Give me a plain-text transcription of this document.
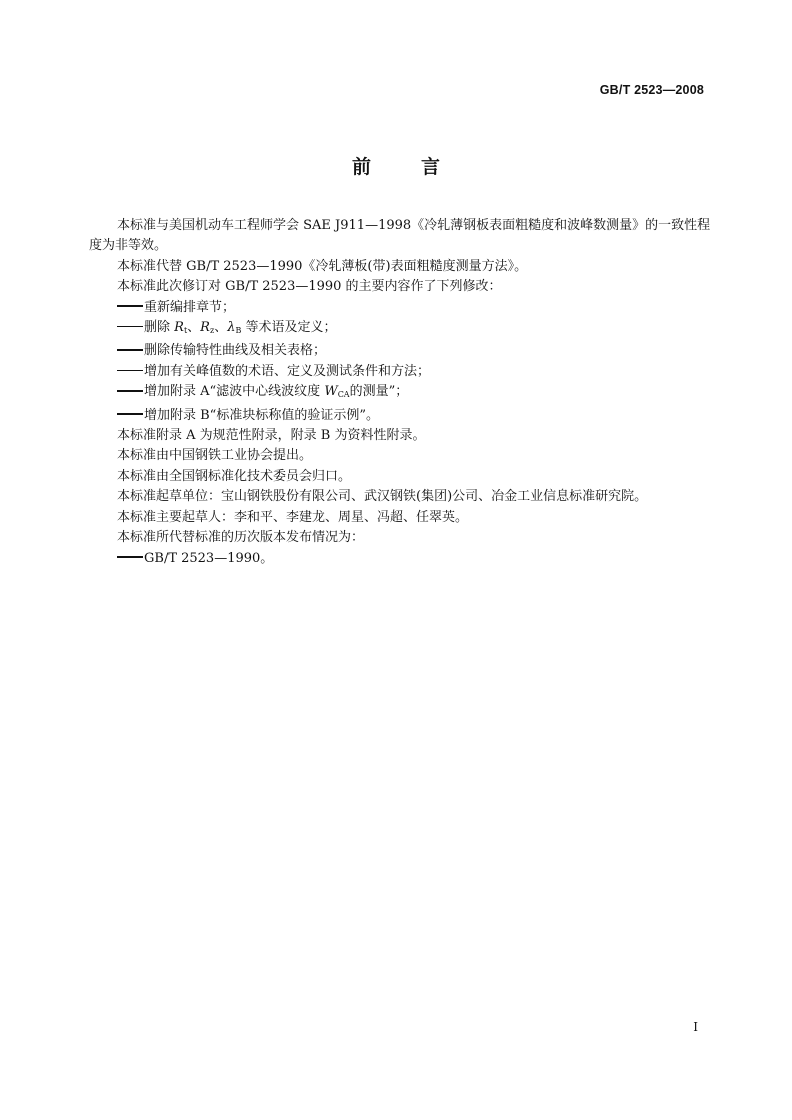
GB/T 2523—2008
前	言

本标准与美国机动车工程师学会 SAE J911—1998《冷轧薄钢板表面粗糙度和波峰数测量》的一致性程度为非等效。

本标准代替 GB/T 2523—1990《冷轧薄板(带)表面粗糙度测量方法》。

本标准此次修订对 GB/T 2523—1990 的主要内容作了下列修改：

重新编排章节；

删除 $R_t$、$R_z$、$\lambda_B$ 等术语及定义；

删除传输特性曲线及相关表格；

增加有关峰值数的术语、定义及测试条件和方法；

增加附录 A“滤波中心线波纹度 $W_{CA}$的测量”；

增加附录 B“标准块标称值的验证示例”。

本标准附录 A 为规范性附录，附录 B 为资料性附录。

本标准由中国钢铁工业协会提出。

本标准由全国钢标准化技术委员会归口。

本标准起草单位：宝山钢铁股份有限公司、武汉钢铁(集团)公司、冶金工业信息标准研究院。

本标准主要起草人：李和平、李建龙、周星、冯超、任翠英。

本标准所代替标准的历次版本发布情况为：

GB/T 2523—1990。

I
